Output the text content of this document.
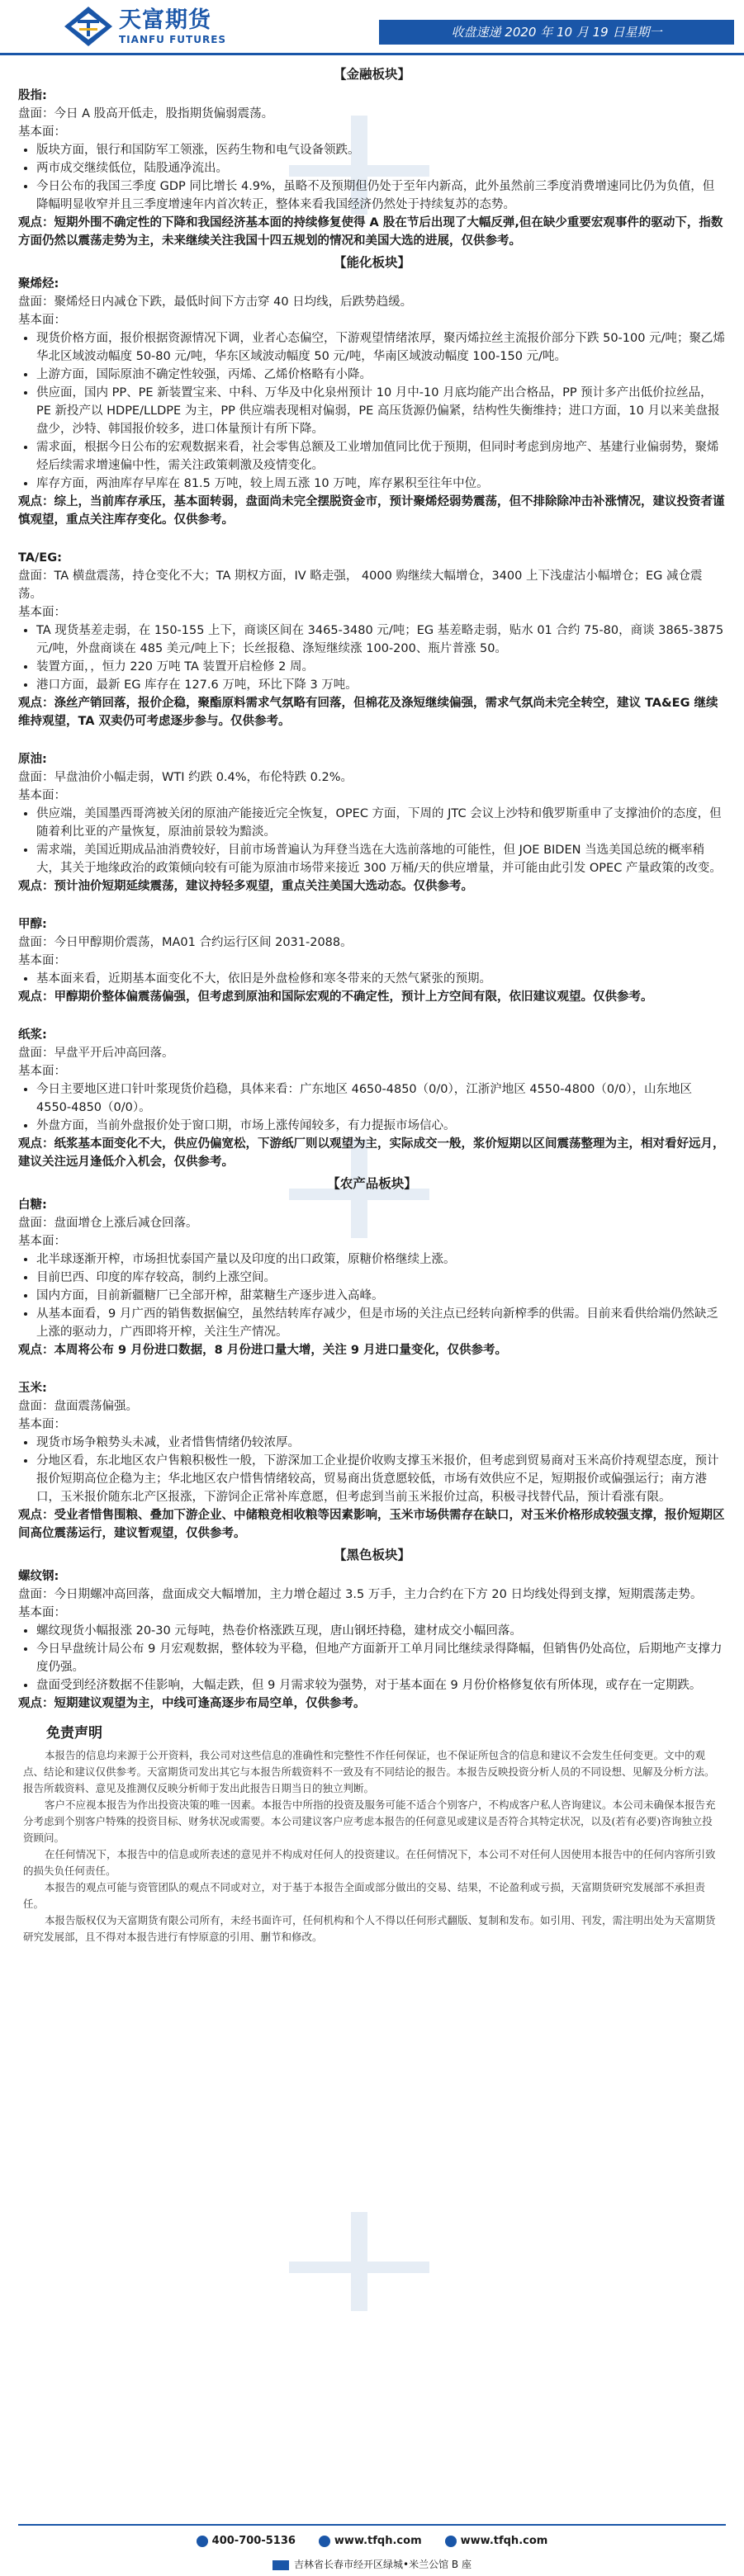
天富期货
TIANFU FUTURES	收盘速递 2020 年 10 月 19 日星期一
【金融板块】
股指:

盘面：今日 A 股高开低走，股指期货偏弱震荡。

基本面：

• 版块方面，银行和国防军工领涨，医药生物和电气设备领跌。
• 两市成交继续低位，陆股通净流出。
• 今日公布的我国三季度 GDP 同比增长 4.9%，虽略不及预期但仍处于至年内新高，此外虽然前三季度消费增速同比仍为负值，但降幅明显收窄并且三季度增速年内首次转正，整体来看我国经济仍然处于持续复苏的态势。

观点：短期外围不确定性的下降和我国经济基本面的持续修复使得 A 股在节后出现了大幅反弹,但在缺少重要宏观事件的驱动下，指数方面仍然以震荡走势为主，未来继续关注我国十四五规划的情况和美国大选的进展，仅供参考。

【能化板块】
聚烯烃:

盘面：聚烯烃日内减仓下跌，最低时间下方击穿 40 日均线，后跌势趋缓。

基本面：

• 现货价格方面，报价根据资源情况下调，业者心态偏空，下游观望情绪浓厚，聚丙烯拉丝主流报价部分下跌 50-100 元/吨；聚乙烯华北区域波动幅度 50-80 元/吨，华东区域波动幅度 50 元/吨，华南区域波动幅度 100-150 元/吨。
• 上游方面，国际原油不确定性较强，丙烯、乙烯价格略有小降。
• 供应面，国内 PP、PE 新装置宝来、中科、万华及中化泉州预计 10 月中-10 月底均能产出合格品，PP 预计多产出低价拉丝品，PE 新投产以 HDPE/LLDPE 为主，PP 供应端表现相对偏弱，PE 高压货源仍偏紧，结构性失衡维持；进口方面，10 月以来美盘报盘少，沙特、韩国报价较多，进口体量预计有所下降。
• 需求面，根据今日公布的宏观数据来看，社会零售总额及工业增加值同比优于预期，但同时考虑到房地产、基建行业偏弱势，聚烯烃后续需求增速偏中性，需关注政策刺激及疫情变化。
• 库存方面，两油库存早库在 81.5 万吨，较上周五涨 10 万吨，库存累积至往年中位。

观点：综上，当前库存承压，基本面转弱，盘面尚未完全摆脱资金市，预计聚烯烃弱势震荡，但不排除除冲击补涨情况，建议投资者谨慎观望，重点关注库存变化。仅供参考。

TA/EG:

盘面：TA 横盘震荡，持仓变化不大；TA 期权方面，IV 略走强， 4000 购继续大幅增仓，3400 上下浅虚沽小幅增仓；EG 减仓震荡。

基本面：

• TA 现货基差走弱，在 150-155 上下，商谈区间在 3465-3480 元/吨；EG 基差略走弱，贴水 01 合约 75-80，商谈 3865-3875 元/吨，外盘商谈在 485 美元/吨上下；长丝报稳、涤短继续涨 100-200、瓶片普涨 50。
• 装置方面，，恒力 220 万吨 TA 装置开启检修 2 周。
• 港口方面，最新 EG 库存在 127.6 万吨，环比下降 3 万吨。

观点：涤丝产销回落，报价企稳，聚酯原料需求气氛略有回落，但棉花及涤短继续偏强，需求气氛尚未完全转空，建议 TA&EG 继续维持观望，TA 双卖仍可考虑逐步参与。仅供参考。

原油:

盘面：早盘油价小幅走弱，WTI 约跌 0.4%，布伦特跌 0.2%。

基本面：

• 供应端，美国墨西哥湾被关闭的原油产能接近完全恢复，OPEC 方面，下周的 JTC 会议上沙特和俄罗斯重申了支撑油价的态度，但随着利比亚的产量恢复，原油前景较为黯淡。
• 需求端，美国近期成品油消费较好，目前市场普遍认为拜登当选在大选前落地的可能性，但 JOE BIDEN 当选美国总统的概率稍大，其关于地缘政治的政策倾向较有可能为原油市场带来接近 300 万桶/天的供应增量，并可能由此引发 OPEC 产量政策的改变。

观点：预计油价短期延续震荡，建议持轻多观望，重点关注美国大选动态。仅供参考。

甲醇:

盘面：今日甲醇期价震荡，MA01 合约运行区间 2031-2088。

基本面：

• 基本面来看，近期基本面变化不大，依旧是外盘检修和寒冬带来的天然气紧张的预期。

观点：甲醇期价整体偏震荡偏强，但考虑到原油和国际宏观的不确定性，预计上方空间有限，依旧建议观望。仅供参考。

纸浆:

盘面：早盘平开后冲高回落。

基本面：

• 今日主要地区进口针叶浆现货价趋稳，具体来看：广东地区 4650-4850（0/0），江浙沪地区 4550-4800（0/0），山东地区 4550-4850（0/0）。
• 外盘方面，当前外盘报价处于窗口期，市场上涨传闻较多，有力提振市场信心。

观点：纸浆基本面变化不大，供应仍偏宽松，下游纸厂则以观望为主，实际成交一般，浆价短期以区间震荡整理为主，相对看好远月，建议关注远月逢低介入机会，仅供参考。

【农产品板块】
白糖:

盘面：盘面增仓上涨后减仓回落。

基本面：

• 北半球逐渐开榨，市场担忧泰国产量以及印度的出口政策，原糖价格继续上涨。
• 目前巴西、印度的库存较高，制约上涨空间。
• 国内方面，目前新疆糖厂已全部开榨，甜菜糖生产逐步进入高峰。
• 从基本面看，9 月广西的销售数据偏空，虽然结转库存减少，但是市场的关注点已经转向新榨季的供需。目前来看供给端仍然缺乏上涨的驱动力，广西即将开榨，关注生产情况。

观点：本周将公布 9 月份进口数据，8 月份进口量大增，关注 9 月进口量变化，仅供参考。

玉米:

盘面：盘面震荡偏强。

基本面：

• 现货市场争粮势头未减，业者惜售情绪仍较浓厚。
• 分地区看，东北地区农户售粮积极性一般，下游深加工企业提价收购支撑玉米报价，但考虑到贸易商对玉米高价持观望态度，预计报价短期高位企稳为主；华北地区农户惜售情绪较高，贸易商出货意愿较低，市场有效供应不足，短期报价或偏强运行；南方港口，玉米报价随东北产区报涨，下游饲企正常补库意愿，但考虑到当前玉米报价过高，积极寻找替代品，预计看涨有限。

观点：受业者惜售围粮、叠加下游企业、中储粮竞相收粮等因素影响，玉米市场供需存在缺口，对玉米价格形成较强支撑，报价短期区间高位震荡运行，建议暂观望，仅供参考。

【黑色板块】
螺纹钢:

盘面：今日期螺冲高回落，盘面成交大幅增加，主力增仓超过 3.5 万手，主力合约在下方 20 日均线处得到支撑，短期震荡走势。

基本面：

• 螺纹现货小幅报涨 20-30 元每吨，热卷价格涨跌互现，唐山钢坯持稳，建材成交小幅回落。
• 今日早盘统计局公布 9 月宏观数据，整体较为平稳，但地产方面新开工单月同比继续录得降幅，但销售仍处高位，后期地产支撑力度仍强。
• 盘面受到经济数据不佳影响，大幅走跌，但 9 月需求较为强势，对于基本面在 9 月份价格修复依有所体现，或存在一定期跌。

观点：短期建议观望为主，中线可逢高逐步布局空单，仅供参考。

免责声明

本报告的信息均来源于公开资料，我公司对这些信息的准确性和完整性不作任何保证，也不保证所包含的信息和建议不会发生任何变更。文中的观点、结论和建议仅供参考。天富期货司发出其它与本报告所载资料不一致及有不同结论的报告。本报告反映投资分析人员的不同设想、见解及分析方法。报告所载资料、意见及推测仅反映分析师于发出此报告日期当日的独立判断。

客户不应视本报告为作出投资决策的唯一因素。本报告中所指的投资及服务可能不适合个别客户，不构成客户私人咨询建议。本公司未确保本报告充分考虑到个别客户特殊的投资目标、财务状况或需要。本公司建议客户应考虑本报告的任何意见或建议是否符合其特定状况，以及(若有必要)咨询独立投资顾问。

在任何情况下，本报告中的信息或所表述的意见并不构成对任何人的投资建议。在任何情况下，本公司不对任何人因使用本报告中的任何内容所引致的损失负任何责任。

本报告的观点可能与资管团队的观点不同或对立，对于基于本报告全面或部分做出的交易、结果，不论盈利或亏损，天富期货研究发展部不承担责任。

本报告版权仅为天富期货有限公司所有，未经书面许可，任何机构和个人不得以任何形式翻版、复制和发布。如引用、刊发，需注明出处为天富期货研究发展部，且不得对本报告进行有悖原意的引用、删节和修改。

400-700-5136	www.tfqh.com	www.tfqh.com
吉林省长春市经开区绿城•米兰公馆 B 座
